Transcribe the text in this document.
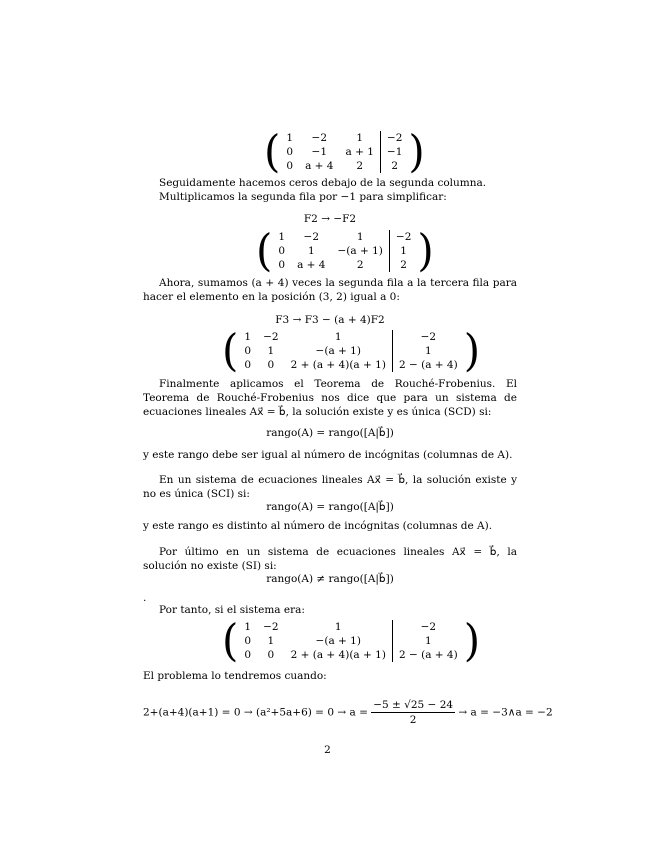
( 1	−2	1	−2
0	−1	a + 1	−1
0	a + 4	2	2 )
Seguidamente hacemos ceros debajo de la segunda columna.
Multiplicamos la segunda fila por −1 para simplificar:
F2 → −F2
( 1	−2	1	−2
0	1	−(a + 1)	1
0	a + 4	2	2 )
Ahora, sumamos (a + 4) veces la segunda fila a la tercera fila para hacer el elemento en la posición (3, 2) igual a 0:
F3 → F3 − (a + 4)F2
( 1	−2	1	−2
0	1	−(a + 1)	1
0	0	2 + (a + 4)(a + 1)	2 − (a + 4) )
Finalmente aplicamos el Teorema de Rouché-Frobenius. El Teorema de Rouché-Frobenius nos dice que para un sistema de ecuaciones lineales Ax⃗ = b⃗, la solución existe y es única (SCD) si:
rango(A) = rango([A|b⃗])
y este rango debe ser igual al número de incógnitas (columnas de A).
En un sistema de ecuaciones lineales Ax⃗ = b⃗, la solución existe y no es única (SCI) si:
rango(A) = rango([A|b⃗])
y este rango es distinto al número de incógnitas (columnas de A).
Por último en un sistema de ecuaciones lineales Ax⃗ = b⃗, la solución no existe (SI) si:
rango(A) ≠ rango([A|b⃗])
.
Por tanto, si el sistema era:
( 1	−2	1	−2
0	1	−(a + 1)	1
0	0	2 + (a + 4)(a + 1)	2 − (a + 4) )
El problema lo tendremos cuando:
$2+(a+4)(a+1) = 0 \to (a^2+5a+6) = 0 \to a = \frac{-5 \pm √25 - 24}{2} \to a$ = −3∧a = −2
2
